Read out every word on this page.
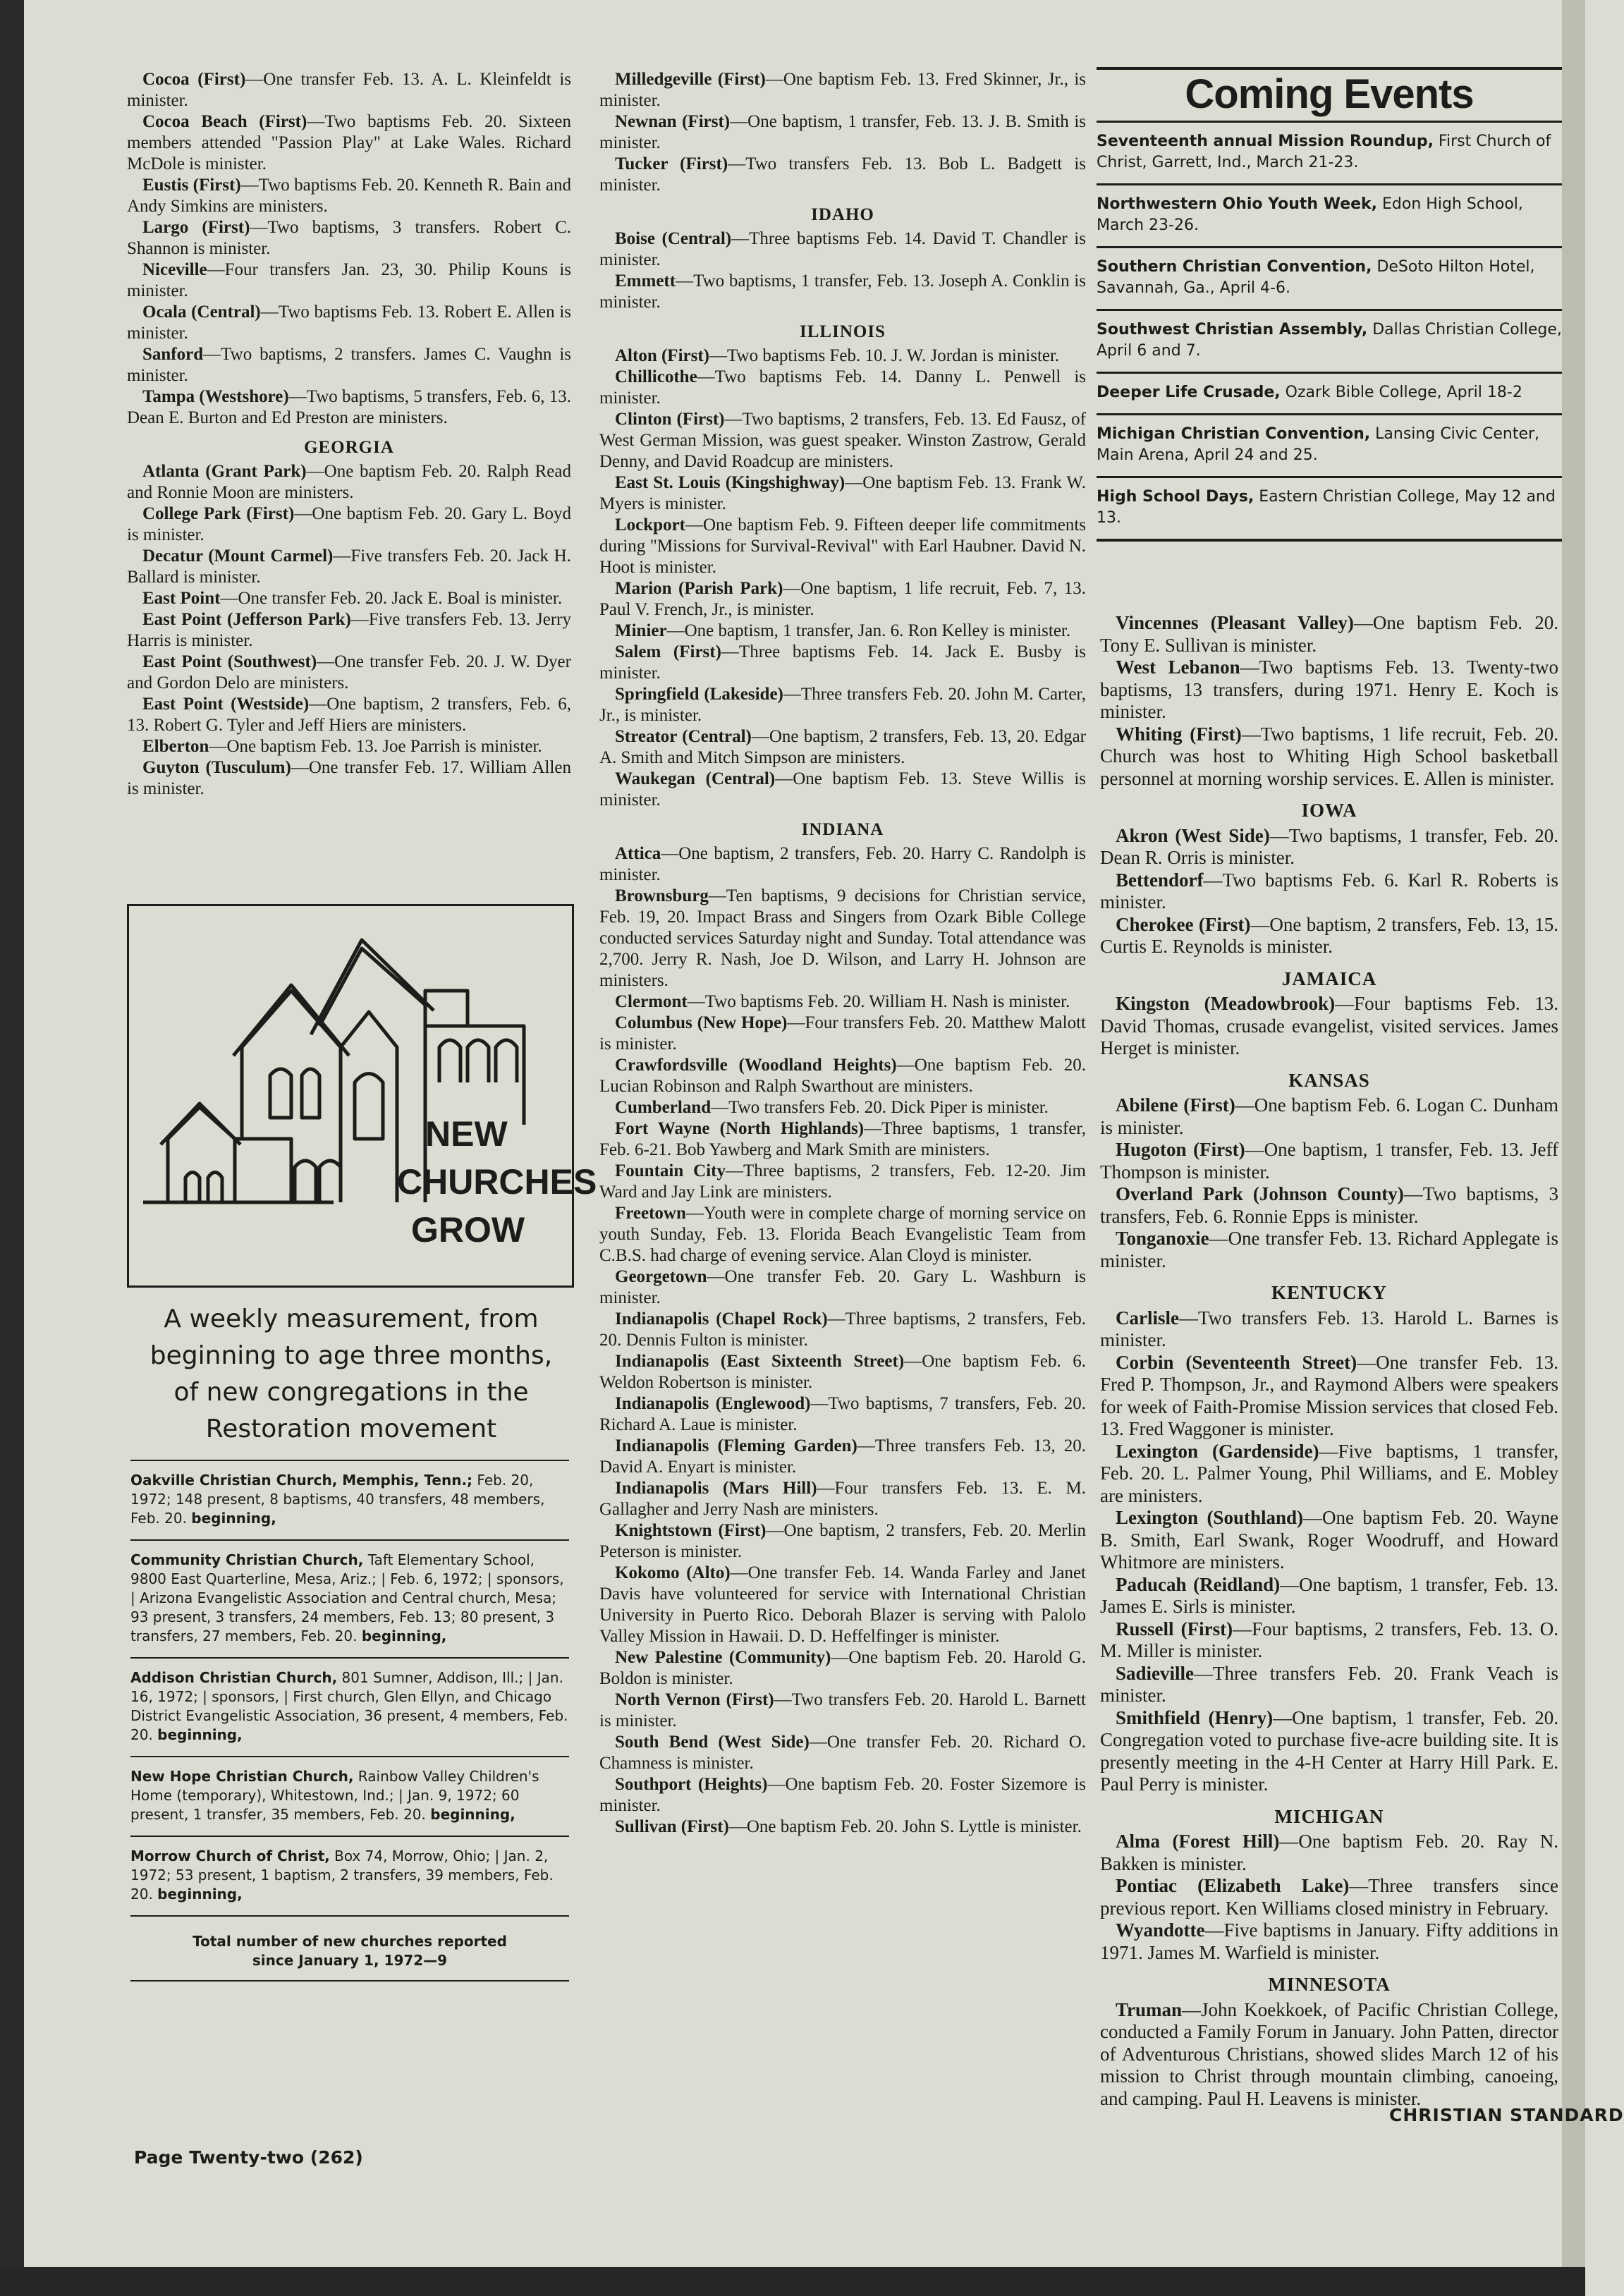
Cocoa (First)—One transfer Feb. 13. A. L. Kleinfeldt is minister.

Cocoa Beach (First)—Two baptisms Feb. 20. Sixteen members attended "Passion Play" at Lake Wales. Richard McDole is minister.

Eustis (First)—Two baptisms Feb. 20. Kenneth R. Bain and Andy Simkins are ministers.

Largo (First)—Two baptisms, 3 transfers. Robert C. Shannon is minister.

Niceville—Four transfers Jan. 23, 30. Philip Kouns is minister.

Ocala (Central)—Two baptisms Feb. 13. Robert E. Allen is minister.

Sanford—Two baptisms, 2 transfers. James C. Vaughn is minister.

Tampa (Westshore)—Two baptisms, 5 transfers, Feb. 6, 13. Dean E. Burton and Ed Preston are ministers.

GEORGIA

Atlanta (Grant Park)—One baptism Feb. 20. Ralph Read and Ronnie Moon are ministers.

College Park (First)—One baptism Feb. 20. Gary L. Boyd is minister.

Decatur (Mount Carmel)—Five transfers Feb. 20. Jack H. Ballard is minister.

East Point—One transfer Feb. 20. Jack E. Boal is minister.

East Point (Jefferson Park)—Five transfers Feb. 13. Jerry Harris is minister.

East Point (Southwest)—One transfer Feb. 20. J. W. Dyer and Gordon Delo are ministers.

East Point (Westside)—One baptism, 2 transfers, Feb. 6, 13. Robert G. Tyler and Jeff Hiers are ministers.

Elberton—One baptism Feb. 13. Joe Parrish is minister.

Guyton (Tusculum)—One transfer Feb. 17. William Allen is minister.

NEW
CHURCHES
GROW
A weekly measurement, from
beginning to age three months,
of new congregations in the
Restoration movement
Oakville Christian Church, Memphis, Tenn.; Feb. 20, 1972; 148 present, 8 baptisms, 40 transfers, 48 members, Feb. 20. beginning,
Community Christian Church, Taft Elementary School, 9800 East Quarterline, Mesa, Ariz.; | Feb. 6, 1972; | sponsors, | Arizona Evangelistic Association and Central church, Mesa; 93 present, 3 transfers, 24 members, Feb. 13; 80 present, 3 transfers, 27 members, Feb. 20. beginning,
Addison Christian Church, 801 Sumner, Addison, Ill.; | Jan. 16, 1972; | sponsors, | First church, Glen Ellyn, and Chicago District Evangelistic Association, 36 present, 4 members, Feb. 20. beginning,
New Hope Christian Church, Rainbow Valley Children's Home (temporary), Whitestown, Ind.; | Jan. 9, 1972; 60 present, 1 transfer, 35 members, Feb. 20. beginning,
Morrow Church of Christ, Box 74, Morrow, Ohio; | Jan. 2, 1972; 53 present, 1 baptism, 2 transfers, 39 members, Feb. 20. beginning,
Total number of new churches reported
since January 1, 1972—9

Milledgeville (First)—One baptism Feb. 13. Fred Skinner, Jr., is minister.

Newnan (First)—One baptism, 1 transfer, Feb. 13. J. B. Smith is minister.

Tucker (First)—Two transfers Feb. 13. Bob L. Badgett is minister.

IDAHO

Boise (Central)—Three baptisms Feb. 14. David T. Chandler is minister.

Emmett—Two baptisms, 1 transfer, Feb. 13. Joseph A. Conklin is minister.

ILLINOIS

Alton (First)—Two baptisms Feb. 10. J. W. Jordan is minister.

Chillicothe—Two baptisms Feb. 14. Danny L. Penwell is minister.

Clinton (First)—Two baptisms, 2 transfers, Feb. 13. Ed Fausz, of West German Mission, was guest speaker. Winston Zastrow, Gerald Denny, and David Roadcup are ministers.

East St. Louis (Kingshighway)—One baptism Feb. 13. Frank W. Myers is minister.

Lockport—One baptism Feb. 9. Fifteen deeper life commitments during "Missions for Survival-Revival" with Earl Haubner. David N. Hoot is minister.

Marion (Parish Park)—One baptism, 1 life recruit, Feb. 7, 13. Paul V. French, Jr., is minister.

Minier—One baptism, 1 transfer, Jan. 6. Ron Kelley is minister.

Salem (First)—Three baptisms Feb. 14. Jack E. Busby is minister.

Springfield (Lakeside)—Three transfers Feb. 20. John M. Carter, Jr., is minister.

Streator (Central)—One baptism, 2 transfers, Feb. 13, 20. Edgar A. Smith and Mitch Simpson are ministers.

Waukegan (Central)—One baptism Feb. 13. Steve Willis is minister.

INDIANA

Attica—One baptism, 2 transfers, Feb. 20. Harry C. Randolph is minister.

Brownsburg—Ten baptisms, 9 decisions for Christian service, Feb. 19, 20. Impact Brass and Singers from Ozark Bible College conducted services Saturday night and Sunday. Total attendance was 2,700. Jerry R. Nash, Joe D. Wilson, and Larry H. Johnson are ministers.

Clermont—Two baptisms Feb. 20. William H. Nash is minister.

Columbus (New Hope)—Four transfers Feb. 20. Matthew Malott is minister.

Crawfordsville (Woodland Heights)—One baptism Feb. 20. Lucian Robinson and Ralph Swarthout are ministers.

Cumberland—Two transfers Feb. 20. Dick Piper is minister.

Fort Wayne (North Highlands)—Three baptisms, 1 transfer, Feb. 6-21. Bob Yawberg and Mark Smith are ministers.

Fountain City—Three baptisms, 2 transfers, Feb. 12-20. Jim Ward and Jay Link are ministers.

Freetown—Youth were in complete charge of morning service on youth Sunday, Feb. 13. Florida Beach Evangelistic Team from C.B.S. had charge of evening service. Alan Cloyd is minister.

Georgetown—One transfer Feb. 20. Gary L. Washburn is minister.

Indianapolis (Chapel Rock)—Three baptisms, 2 transfers, Feb. 20. Dennis Fulton is minister.

Indianapolis (East Sixteenth Street)—One baptism Feb. 6. Weldon Robertson is minister.

Indianapolis (Englewood)—Two baptisms, 7 transfers, Feb. 20. Richard A. Laue is minister.

Indianapolis (Fleming Garden)—Three transfers Feb. 13, 20. David A. Enyart is minister.

Indianapolis (Mars Hill)—Four transfers Feb. 13. E. M. Gallagher and Jerry Nash are ministers.

Knightstown (First)—One baptism, 2 transfers, Feb. 20. Merlin Peterson is minister.

Kokomo (Alto)—One transfer Feb. 14. Wanda Farley and Janet Davis have volunteered for service with International Christian University in Puerto Rico. Deborah Blazer is serving with Palolo Valley Mission in Hawaii. D. D. Heffelfinger is minister.

New Palestine (Community)—One baptism Feb. 20. Harold G. Boldon is minister.

North Vernon (First)—Two transfers Feb. 20. Harold L. Barnett is minister.

South Bend (West Side)—One transfer Feb. 20. Richard O. Chamness is minister.

Southport (Heights)—One baptism Feb. 20. Foster Sizemore is minister.

Sullivan (First)—One baptism Feb. 20. John S. Lyttle is minister.

Coming Events
Seventeenth annual Mission Roundup, First Church of Christ, Garrett, Ind., March 21-23.
Northwestern Ohio Youth Week, Edon High School, March 23-26.
Southern Christian Convention, DeSoto Hilton Hotel, Savannah, Ga., April 4-6.
Southwest Christian Assembly, Dallas Christian College, April 6 and 7.
Deeper Life Crusade, Ozark Bible College, April 18-2
Michigan Christian Convention, Lansing Civic Center, Main Arena, April 24 and 25.
High School Days, Eastern Christian College, May 12 and 13.

Vincennes (Pleasant Valley)—One baptism Feb. 20. Tony E. Sullivan is minister.

West Lebanon—Two baptisms Feb. 13. Twenty-two baptisms, 13 transfers, during 1971. Henry E. Koch is minister.

Whiting (First)—Two baptisms, 1 life recruit, Feb. 20. Church was host to Whiting High School basketball personnel at morning worship services. E. Allen is minister.

IOWA

Akron (West Side)—Two baptisms, 1 transfer, Feb. 20. Dean R. Orris is minister.

Bettendorf—Two baptisms Feb. 6. Karl R. Roberts is minister.

Cherokee (First)—One baptism, 2 transfers, Feb. 13, 15. Curtis E. Reynolds is minister.

JAMAICA

Kingston (Meadowbrook)—Four baptisms Feb. 13. David Thomas, crusade evangelist, visited services. James Herget is minister.

KANSAS

Abilene (First)—One baptism Feb. 6. Logan C. Dunham is minister.

Hugoton (First)—One baptism, 1 transfer, Feb. 13. Jeff Thompson is minister.

Overland Park (Johnson County)—Two baptisms, 3 transfers, Feb. 6. Ronnie Epps is minister.

Tonganoxie—One transfer Feb. 13. Richard Applegate is minister.

KENTUCKY

Carlisle—Two transfers Feb. 13. Harold L. Barnes is minister.

Corbin (Seventeenth Street)—One transfer Feb. 13. Fred P. Thompson, Jr., and Raymond Albers were speakers for week of Faith-Promise Mission services that closed Feb. 13. Fred Waggoner is minister.

Lexington (Gardenside)—Five baptisms, 1 transfer, Feb. 20. L. Palmer Young, Phil Williams, and E. Mobley are ministers.

Lexington (Southland)—One baptism Feb. 20. Wayne B. Smith, Earl Swank, Roger Woodruff, and Howard Whitmore are ministers.

Paducah (Reidland)—One baptism, 1 transfer, Feb. 13. James E. Sirls is minister.

Russell (First)—Four baptisms, 2 transfers, Feb. 13. O. M. Miller is minister.

Sadieville—Three transfers Feb. 20. Frank Veach is minister.

Smithfield (Henry)—One baptism, 1 transfer, Feb. 20. Congregation voted to purchase five-acre building site. It is presently meeting in the 4-H Center at Harry Hill Park. E. Paul Perry is minister.

MICHIGAN

Alma (Forest Hill)—One baptism Feb. 20. Ray N. Bakken is minister.

Pontiac (Elizabeth Lake)—Three transfers since previous report. Ken Williams closed ministry in February.

Wyandotte—Five baptisms in January. Fifty additions in 1971. James M. Warfield is minister.

MINNESOTA

Truman—John Koekkoek, of Pacific Christian College, conducted a Family Forum in January. John Patten, director of Adventurous Christians, showed slides March 12 of his mission to Christ through mountain climbing, canoeing, and camping. Paul H. Leavens is minister.

Page Twenty-two (262)
CHRISTIAN STANDARD
